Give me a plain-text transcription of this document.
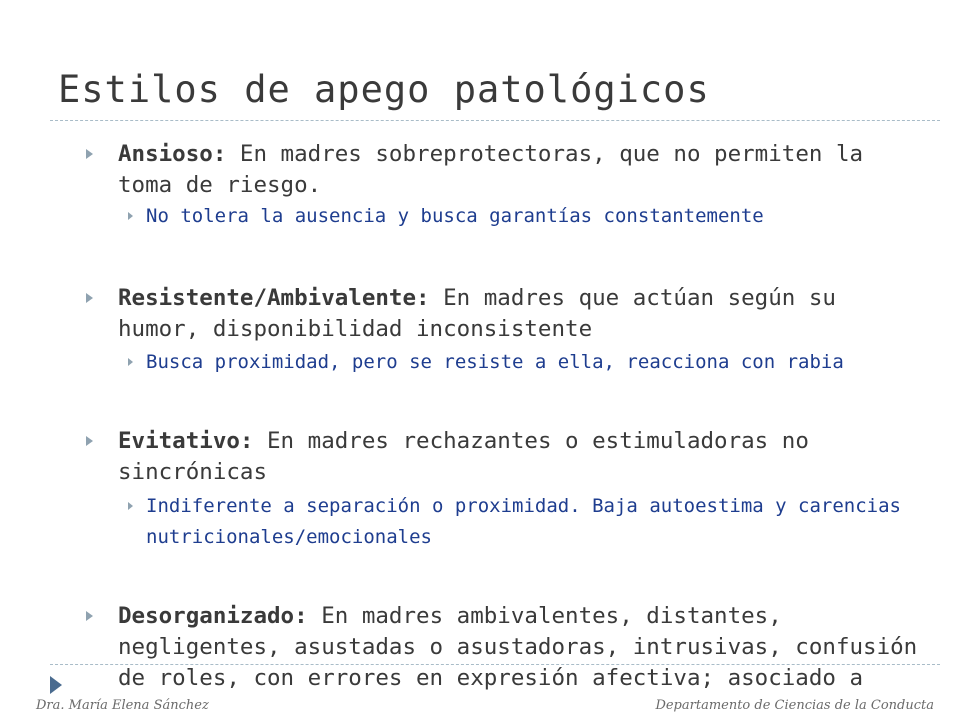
Estilos de apego patológicos

Ansioso: En madres sobreprotectoras, que no permiten la toma de riesgo.

No tolera la ausencia y busca garantías constantemente

Resistente/Ambivalente: En madres que actúan según su humor, disponibilidad inconsistente

Busca proximidad, pero se resiste a ella, reacciona con rabia

Evitativo: En madres rechazantes o estimuladoras no sincrónicas

Indiferente a separación o proximidad. Baja autoestima y carencias nutricionales/emocionales

Desorganizado: En madres ambivalentes, distantes, negligentes, asustadas o asustadoras, intrusivas, confusión de roles, con errores en expresión afectiva; asociado a

Dra. María Elena Sánchez	Departamento de Ciencias de la Conducta
